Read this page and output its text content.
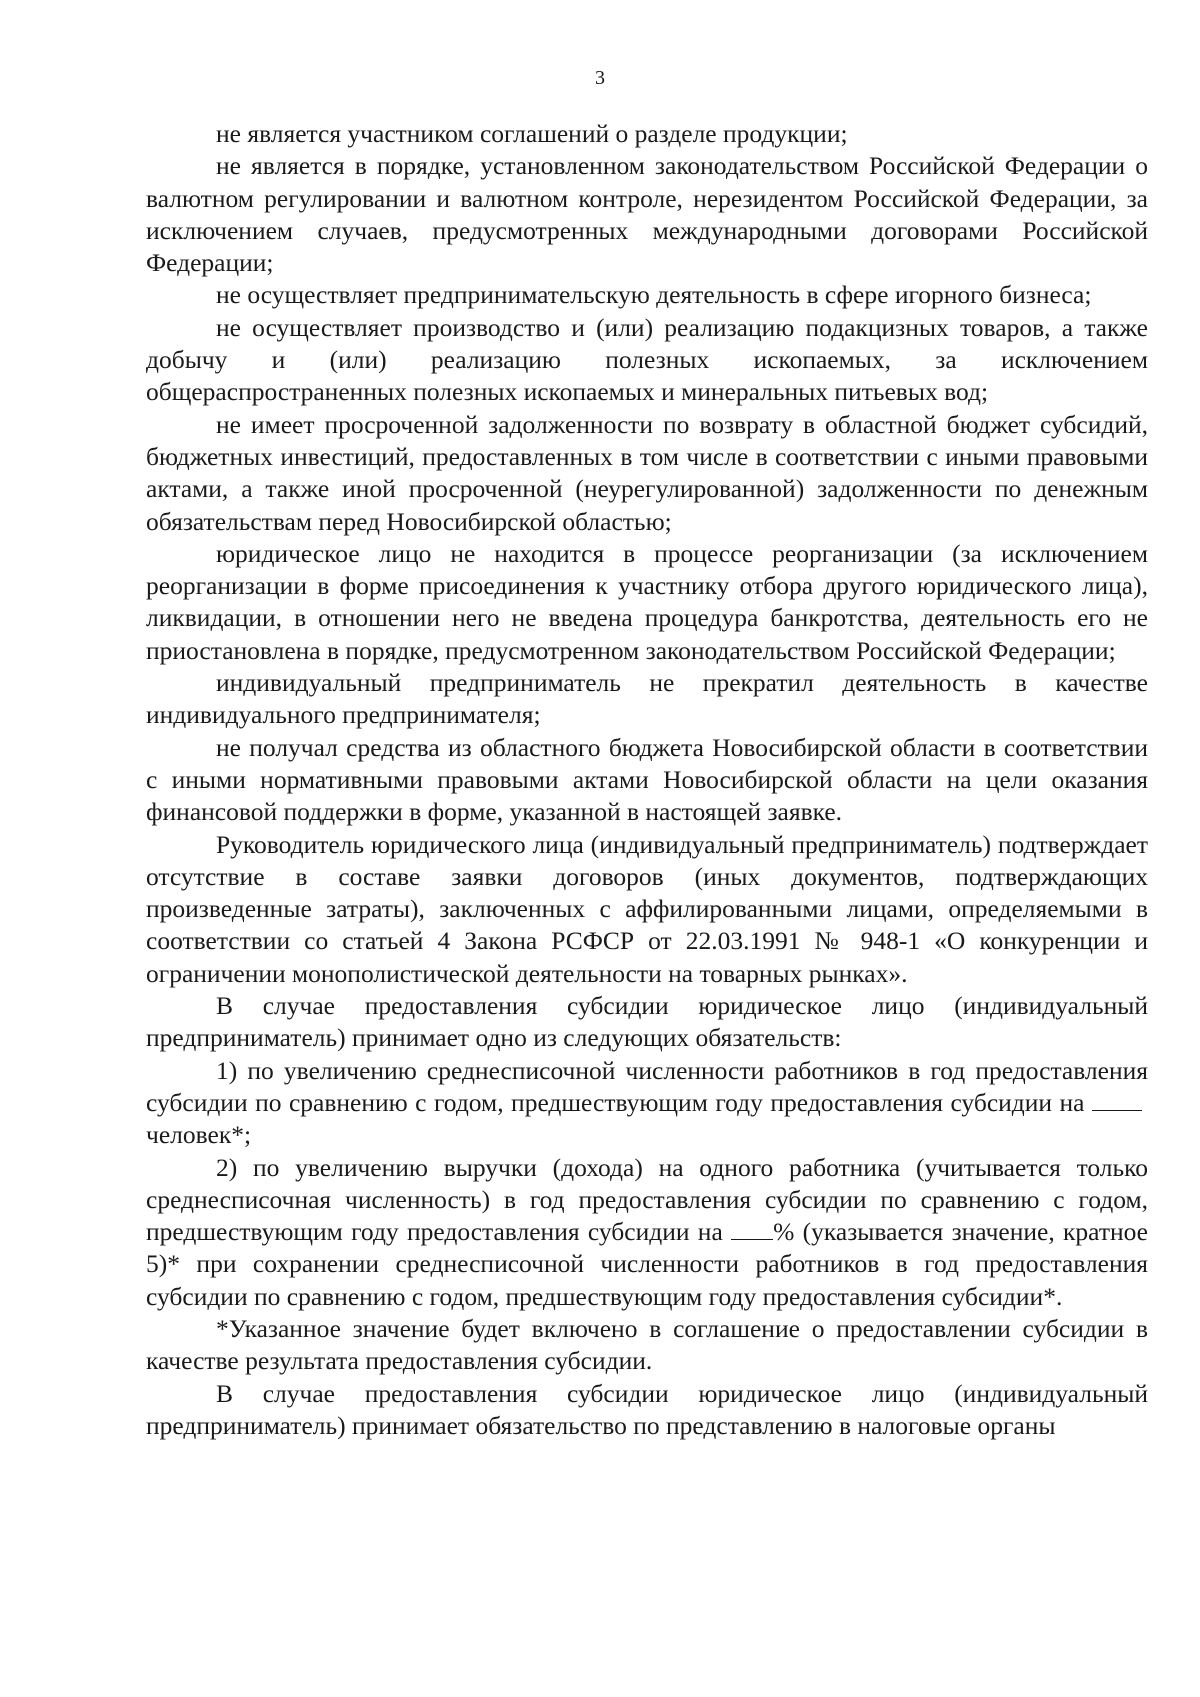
3

не является участником соглашений о разделе продукции;

не является в порядке, установленном законодательством Российской Федерации о валютном регулировании и валютном контроле, нерезидентом Российской Федерации, за исключением случаев, предусмотренных международными договорами Российской Федерации;

не осуществляет предпринимательскую деятельность в сфере игорного бизнеса;

не осуществляет производство и (или) реализацию подакцизных товаров, а также добычу и (или) реализацию полезных ископаемых, за исключением общераспространенных полезных ископаемых и минеральных питьевых вод;

не имеет просроченной задолженности по возврату в областной бюджет субсидий, бюджетных инвестиций, предоставленных в том числе в соответствии с иными правовыми актами, а также иной просроченной (неурегулированной) задолженности по денежным обязательствам перед Новосибирской областью;

юридическое лицо не находится в процессе реорганизации (за исключением реорганизации в форме присоединения к участнику отбора другого юридического лица), ликвидации, в отношении него не введена процедура банкротства, деятельность его не приостановлена в порядке, предусмотренном законодательством Российской Федерации;

индивидуальный предприниматель не прекратил деятельность в качестве индивидуального предпринимателя;

не получал средства из областного бюджета Новосибирской области в соответствии с иными нормативными правовыми актами Новосибирской области на цели оказания финансовой поддержки в форме, указанной в настоящей заявке.

Руководитель юридического лица (индивидуальный предприниматель) подтверждает отсутствие в составе заявки договоров (иных документов, подтверждающих произведенные затраты), заключенных с аффилированными лицами, определяемыми в соответствии со статьей 4 Закона РСФСР от 22.03.1991 № 948-1 «О конкуренции и ограничении монополистической деятельности на товарных рынках».

В случае предоставления субсидии юридическое лицо (индивидуальный предприниматель) принимает одно из следующих обязательств:

1) по увеличению среднесписочной численности работников в год предоставления субсидии по сравнению с годом, предшествующим году предоставления субсидии на человек*;

2) по увеличению выручки (дохода) на одного работника (учитывается только среднесписочная численность) в год предоставления субсидии по сравнению с годом, предшествующим году предоставления субсидии на % (указывается значение, кратное 5)* при сохранении среднесписочной численности работников в год предоставления субсидии по сравнению с годом, предшествующим году предоставления субсидии*.

*Указанное значение будет включено в соглашение о предоставлении субсидии в качестве результата предоставления субсидии.

В случае предоставления субсидии юридическое лицо (индивидуальный предприниматель) принимает обязательство по представлению в налоговые органы
